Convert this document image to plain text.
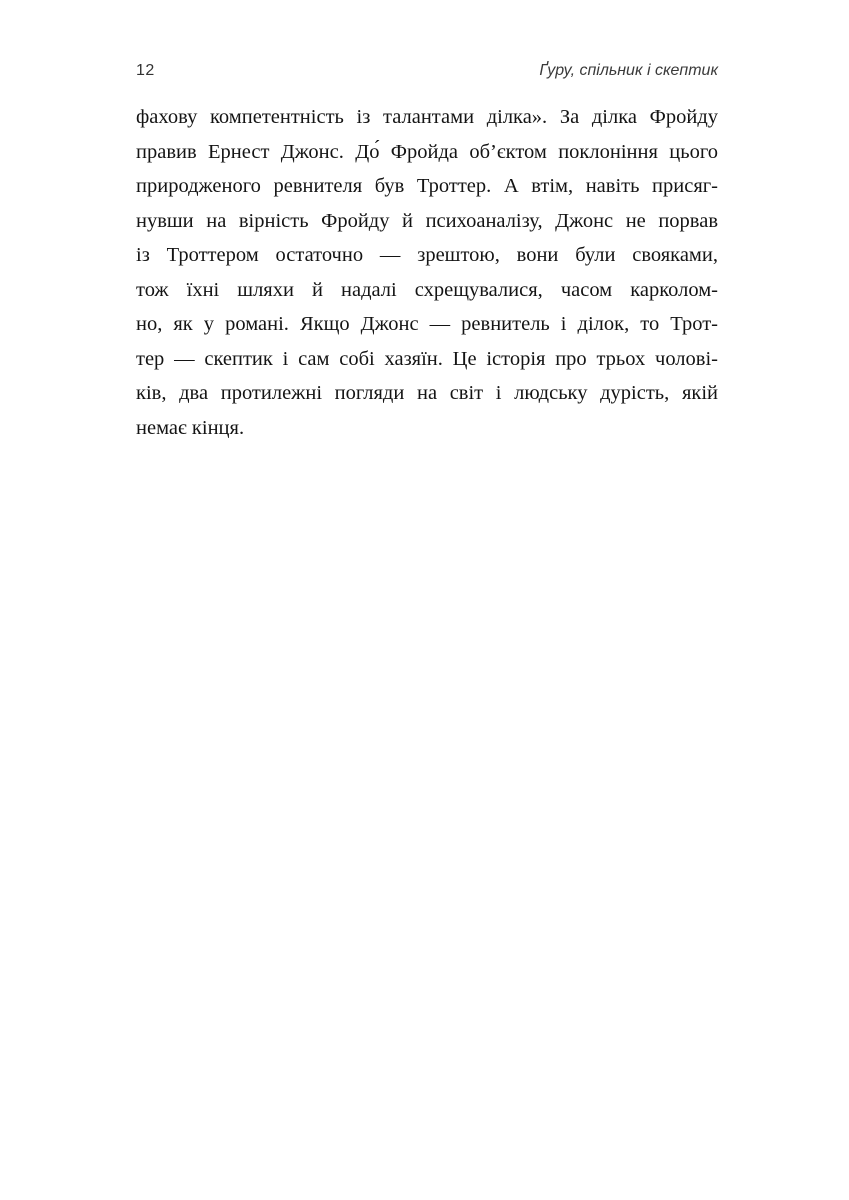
12	Ґуру, спільник і скептик
фахову компетентність із талантами ділка». За ділка Фройду
правив Ернест Джонс. До́ Фройда об’єктом поклоніння цього
природженого ревнителя був Троттер. А втім, навіть присяг-
нувши на вірність Фройду й психоаналізу, Джонс не порвав
із Троттером остаточно — зрештою, вони були свояками,
тож їхні шляхи й надалі схрещувалися, часом карколом-
но, як у романі. Якщо Джонс — ревнитель і ділок, то Трот-
тер — скептик і сам собі хазяїн. Це історія про трьох чолові-
ків, два протилежні погляди на світ і людську дурість, якій
немає кінця.
